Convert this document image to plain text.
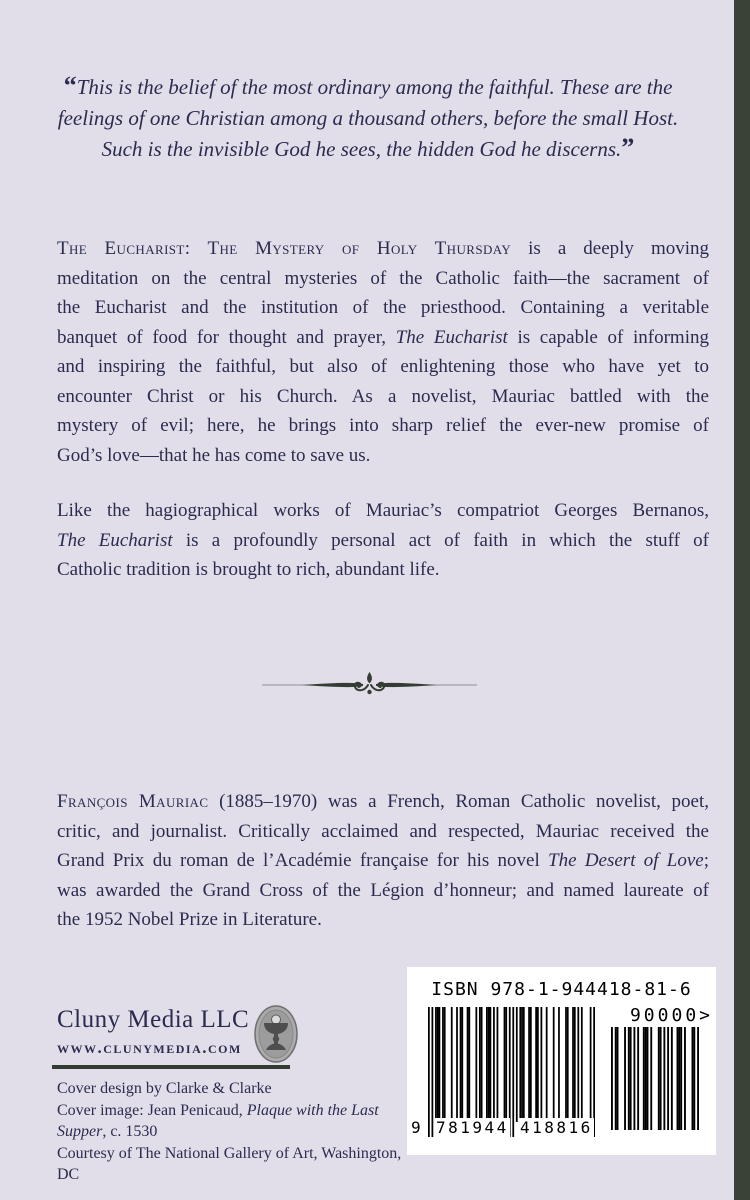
“This is the belief of the most ordinary among the faithful. These are the
feelings of one Christian among a thousand others, before the small Host.
Such is the invisible God he sees, the hidden God he discerns.”
The Eucharist: The Mystery of Holy Thursday is a deeply moving
meditation on the central mysteries of the Catholic faith—the sacrament of
the Eucharist and the institution of the priesthood. Containing a veritable
banquet of food for thought and prayer, The Eucharist is capable of informing
and inspiring the faithful, but also of enlightening those who have yet to
encounter Christ or his Church. As a novelist, Mauriac battled with the
mystery of evil; here, he brings into sharp relief the ever-new promise of
God’s love—that he has come to save us.
Like the hagiographical works of Mauriac’s compatriot Georges Bernanos,
The Eucharist is a profoundly personal act of faith in which the stuff of
Catholic tradition is brought to rich, abundant life.
François Mauriac (1885–1970) was a French, Roman Catholic novelist, poet,
critic, and journalist. Critically acclaimed and respected, Mauriac received the
Grand Prix du roman de l’Académie française for his novel The Desert of Love;
was awarded the Grand Cross of the Légion d’honneur; and named laureate of
the 1952 Nobel Prize in Literature.
Cluny Media LLC
www.clunymedia.com
Cover design by Clarke & Clarke
Cover image: Jean Penicaud, Plaque with the Last
Supper, c. 1530
Courtesy of The National Gallery of Art, Washington, DC
ISBN 978-1-944418-81-6
90000>
9 781944 418816
